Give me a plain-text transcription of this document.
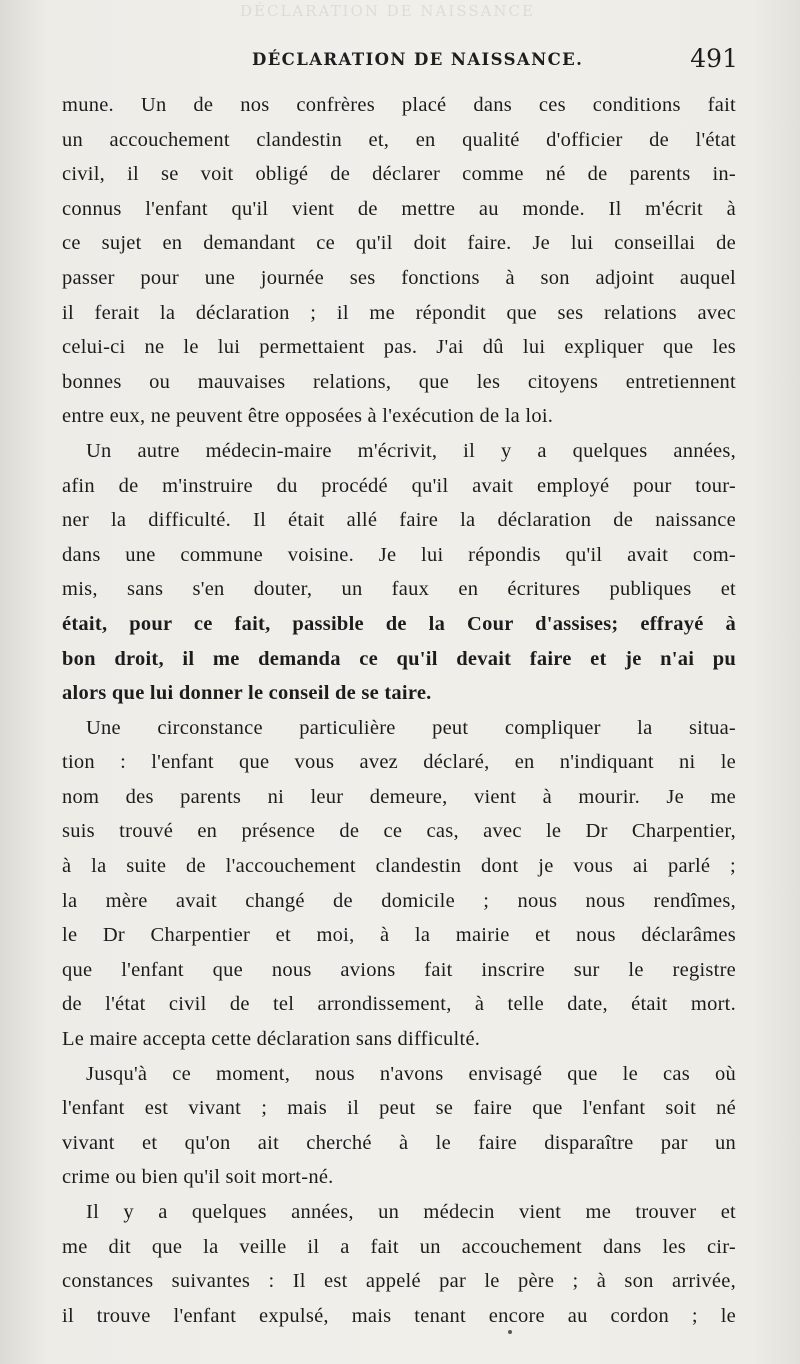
DÉCLARATION DE NAISSANCE
DÉCLARATION DE NAISSANCE.	491
mune. Un de nos confrères placé dans ces conditions fait
un accouchement clandestin et, en qualité d'officier de l'état
civil, il se voit obligé de déclarer comme né de parents in-
connus l'enfant qu'il vient de mettre au monde. Il m'écrit à
ce sujet en demandant ce qu'il doit faire. Je lui conseillai de
passer pour une journée ses fonctions à son adjoint auquel
il ferait la déclaration ; il me répondit que ses relations avec
celui-ci ne le lui permettaient pas. J'ai dû lui expliquer que les
bonnes ou mauvaises relations, que les citoyens entretiennent
entre eux, ne peuvent être opposées à l'exécution de la loi.
Un autre médecin-maire m'écrivit, il y a quelques années,
afin de m'instruire du procédé qu'il avait employé pour tour-
ner la difficulté. Il était allé faire la déclaration de naissance
dans une commune voisine. Je lui répondis qu'il avait com-
mis, sans s'en douter, un faux en écritures publiques et
était, pour ce fait, passible de la Cour d'assises; effrayé à
bon droit, il me demanda ce qu'il devait faire et je n'ai pu
alors que lui donner le conseil de se taire.
Une circonstance particulière peut compliquer la situa-
tion : l'enfant que vous avez déclaré, en n'indiquant ni le
nom des parents ni leur demeure, vient à mourir. Je me
suis trouvé en présence de ce cas, avec le Dr Charpentier,
à la suite de l'accouchement clandestin dont je vous ai parlé ;
la mère avait changé de domicile ; nous nous rendîmes,
le Dr Charpentier et moi, à la mairie et nous déclarâmes
que l'enfant que nous avions fait inscrire sur le registre
de l'état civil de tel arrondissement, à telle date, était mort.
Le maire accepta cette déclaration sans difficulté.
Jusqu'à ce moment, nous n'avons envisagé que le cas où
l'enfant est vivant ; mais il peut se faire que l'enfant soit né
vivant et qu'on ait cherché à le faire disparaître par un
crime ou bien qu'il soit mort-né.
Il y a quelques années, un médecin vient me trouver et
me dit que la veille il a fait un accouchement dans les cir-
constances suivantes : Il est appelé par le père ; à son arrivée,
il trouve l'enfant expulsé, mais tenant encore au cordon ; le
